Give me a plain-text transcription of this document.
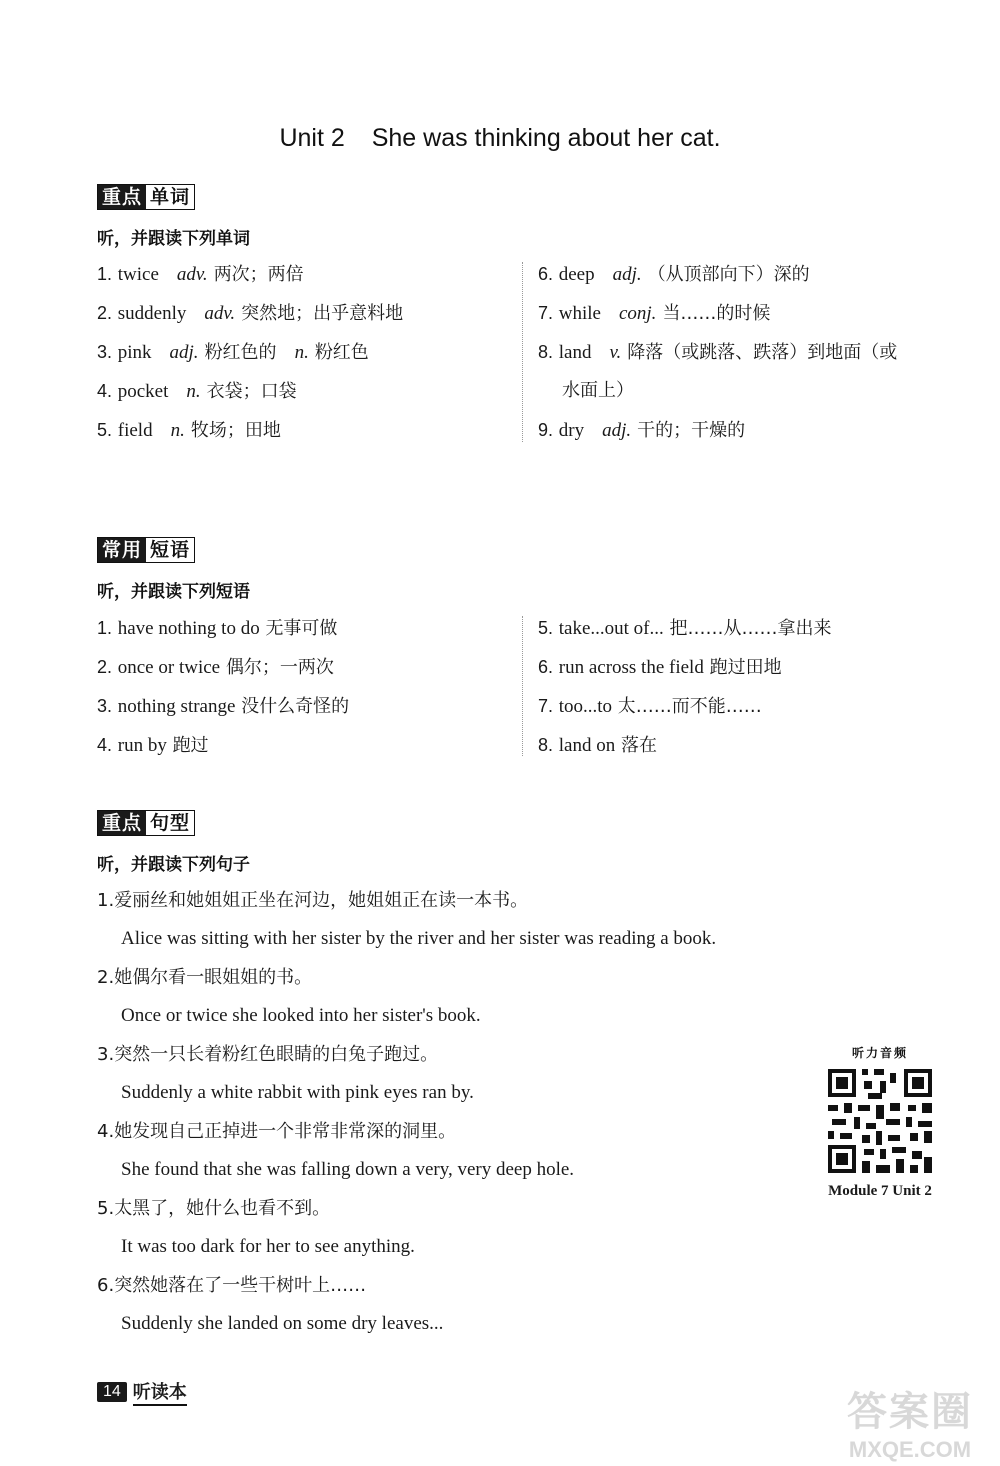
Unit 2 She was thinking about her cat.
重点 单词
听，并跟读下列单词
1. twice adv. 两次；两倍
2. suddenly adv. 突然地；出乎意料地
3. pink adj. 粉红色的 n. 粉红色
4. pocket n. 衣袋；口袋
5. field n. 牧场；田地
6. deep adj. （从顶部向下）深的
7. while conj. 当……的时候
8. land v. 降落（或跳落、跌落）到地面（或
水面上）
9. dry adj. 干的；干燥的
常用 短语
听，并跟读下列短语
1. have nothing to do 无事可做
2. once or twice 偶尔；一两次
3. nothing strange 没什么奇怪的
4. run by 跑过
5. take...out of... 把……从……拿出来
6. run across the field 跑过田地
7. too...to 太……而不能……
8. land on 落在
重点 句型
听，并跟读下列句子
1.爱丽丝和她姐姐正坐在河边，她姐姐正在读一本书。
Alice was sitting with her sister by the river and her sister was reading a book.
2.她偶尔看一眼姐姐的书。
Once or twice she looked into her sister's book.
3.突然一只长着粉红色眼睛的白兔子跑过。
Suddenly a white rabbit with pink eyes ran by.
4.她发现自己正掉进一个非常非常深的洞里。
She found that she was falling down a very, very deep hole.
5.太黑了，她什么也看不到。
It was too dark for her to see anything.
6.突然她落在了一些干树叶上……
Suddenly she landed on some dry leaves...
听力音频
Module 7 Unit 2
14 听读本	答案圈
MXQE.COM
